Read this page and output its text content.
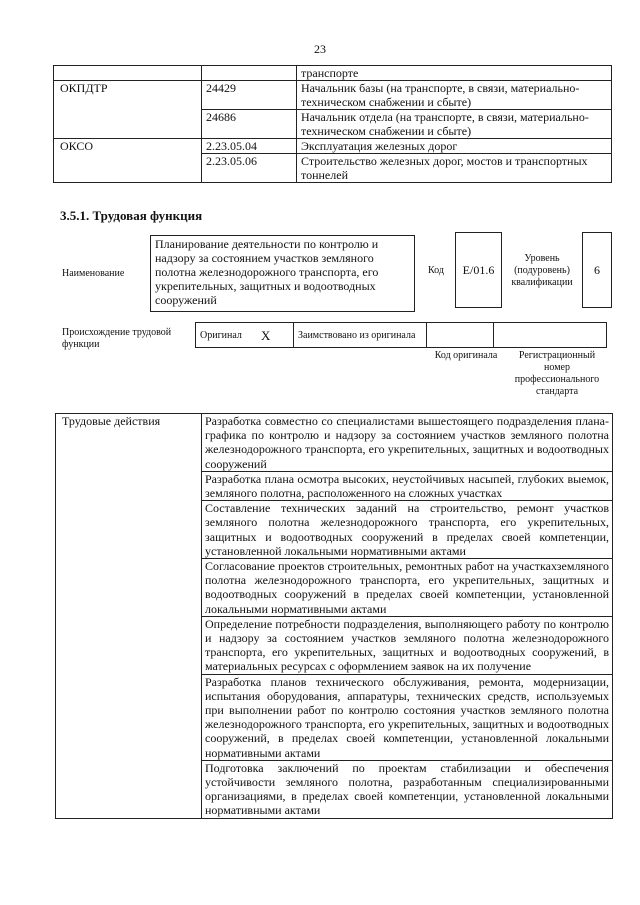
23
		транспорте
ОКПДТР	24429	Начальник базы (на транспорте, в связи, материально-техническом снабжении и сбыте)
	24686	Начальник отдела (на транспорте, в связи, материально-техническом снабжении и сбыте)
ОКСО	2.23.05.04	Эксплуатация железных дорог
	2.23.05.06	Строительство железных дорог, мостов и транспортных тоннелей
3.5.1. Трудовая функция
Наименование
Планирование деятельности по контролю и надзору за состоянием участков земляного полотна железнодорожного транспорта, его укрепительных, защитных и водоотводных сооружений
Код	E/01.6
Уровень (подуровень) квалификации
6
Происхождение трудовой функции
Оригинал	X	Заимствовано из оригинала		
Код оригинала	Регистрационный номер профессионального стандарта
Трудовые действия	Разработка совместно со специалистами вышестоящего подразделения плана-графика по контролю и надзору за состоянием участков земляного полотна железнодорожного транспорта, его укрепительных, защитных и водоотводных сооружений
Разработка плана осмотра высоких, неустойчивых насыпей, глубоких выемок, земляного полотна, расположенного на сложных участках
Составление технических заданий на строительство, ремонт участков земляного полотна железнодорожного транспорта, его укрепительных, защитных и водоотводных сооружений в пределах своей компетенции, установленной локальными нормативными актами
Согласование проектов строительных, ремонтных работ на участкахземляного полотна железнодорожного транспорта, его укрепительных, защитных и водоотводных сооружений в пределах своей компетенции, установленной локальными нормативными актами
Определение потребности подразделения, выполняющего работу по контролю и надзору за состоянием участков земляного полотна железнодорожного транспорта, его укрепительных, защитных и водоотводных сооружений, в материальных ресурсах с оформлением заявок на их получение
Разработка планов технического обслуживания, ремонта, модернизации, испытания оборудования, аппаратуры, технических средств, используемых при выполнении работ по контролю состояния участков земляного полотна железнодорожного транспорта, его укрепительных, защитных и водоотводных сооружений, в пределах своей компетенции, установленной локальными нормативными актами
Подготовка заключений по проектам стабилизации и обеспечения устойчивости земляного полотна, разработанным специализированными организациями, в пределах своей компетенции, установленной локальными нормативными актами
